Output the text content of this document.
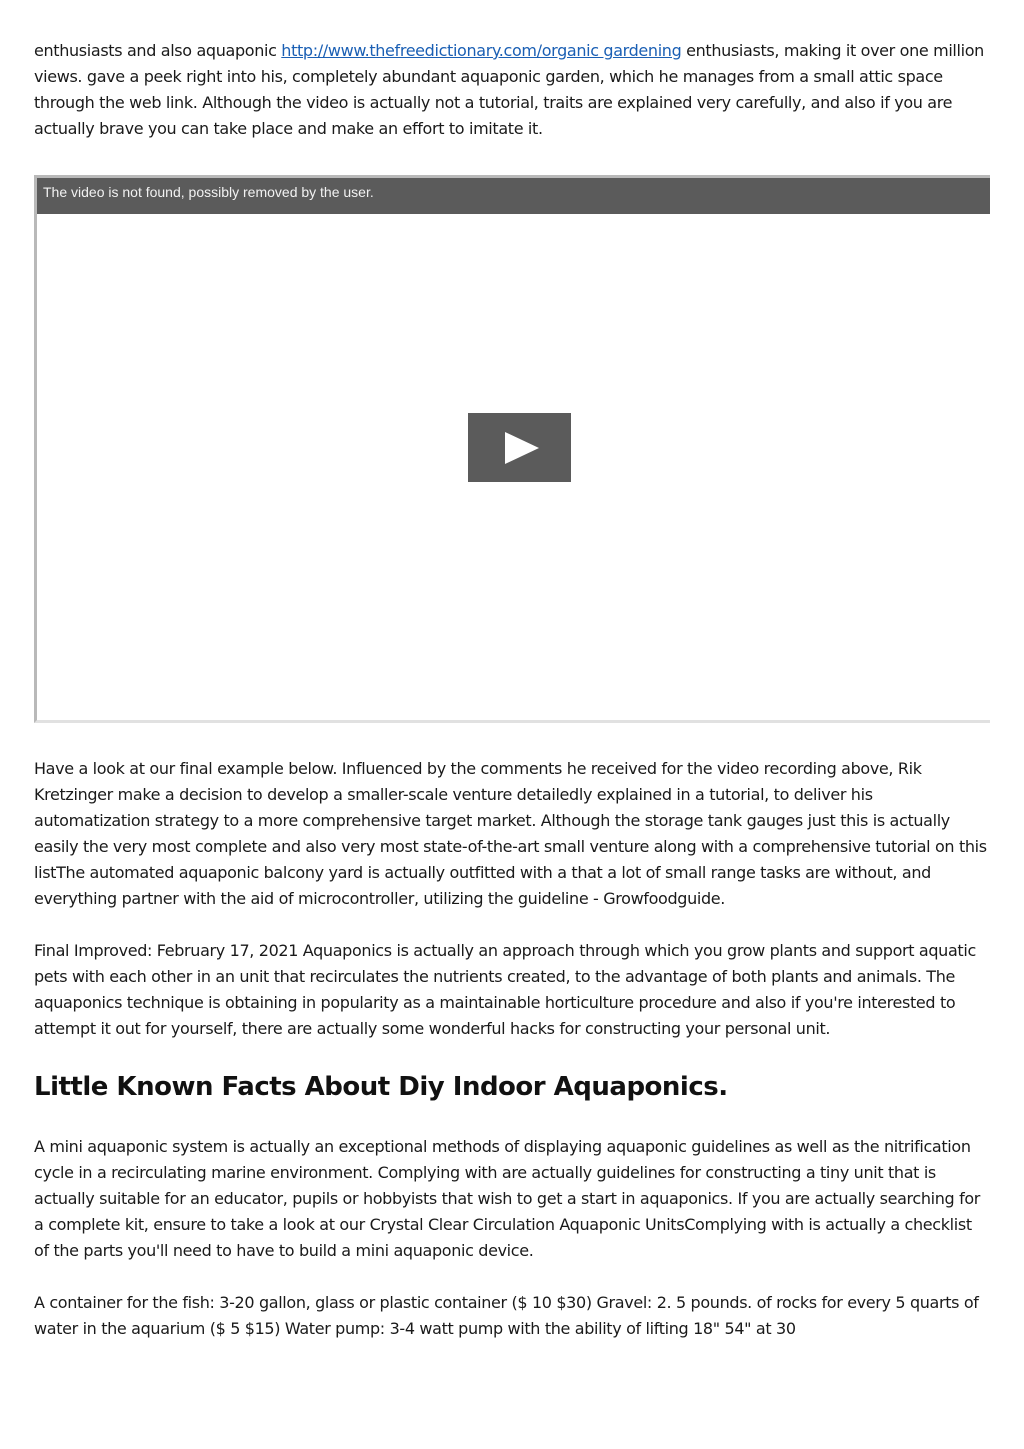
enthusiasts and also aquaponic http://www.thefreedictionary.com/organic gardening enthusiasts, making it over one million views. gave a peek right into his, completely abundant aquaponic garden, which he manages from a small attic space through the web link. Although the video is actually not a tutorial, traits are explained very carefully, and also if you are actually brave you can take place and make an effort to imitate it.

The video is not found, possibly removed by the user.

Have a look at our final example below. Influenced by the comments he received for the video recording above, Rik Kretzinger make a decision to develop a smaller-scale venture detailedly explained in a tutorial, to deliver his automatization strategy to a more comprehensive target market. Although the storage tank gauges just this is actually easily the very most complete and also very most state-of-the-art small venture along with a comprehensive tutorial on this listThe automated aquaponic balcony yard is actually outfitted with a that a lot of small range tasks are without, and everything partner with the aid of microcontroller, utilizing the guideline - Growfoodguide.

Final Improved: February 17, 2021 Aquaponics is actually an approach through which you grow plants and support aquatic pets with each other in an unit that recirculates the nutrients created, to the advantage of both plants and animals. The aquaponics technique is obtaining in popularity as a maintainable horticulture procedure and also if you're interested to attempt it out for yourself, there are actually some wonderful hacks for constructing your personal unit.

Little Known Facts About Diy Indoor Aquaponics.

A mini aquaponic system is actually an exceptional methods of displaying aquaponic guidelines as well as the nitrification cycle in a recirculating marine environment. Complying with are actually guidelines for constructing a tiny unit that is actually suitable for an educator, pupils or hobbyists that wish to get a start in aquaponics. If you are actually searching for a complete kit, ensure to take a look at our Crystal Clear Circulation Aquaponic UnitsComplying with is actually a checklist of the parts you'll need to have to build a mini aquaponic device.

A container for the fish: 3-20 gallon, glass or plastic container ($ 10 $30) Gravel: 2. 5 pounds. of rocks for every 5 quarts of water in the aquarium ($ 5 $15) Water pump: 3-4 watt pump with the ability of lifting 18" 54" at 30
